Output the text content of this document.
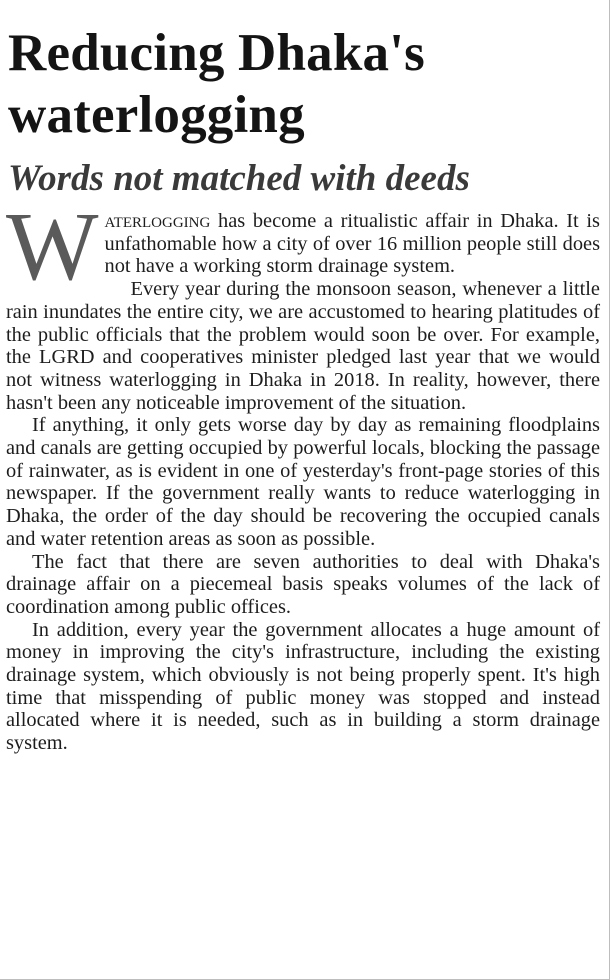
Reducing Dhaka's waterlogging
Words not matched with deeds

Waterlogging has become a ritualistic affair in Dhaka. It is unfathomable how a city of over 16 million people still does not have a working storm drainage system.

Every year during the monsoon season, whenever a little rain inundates the entire city, we are accustomed to hearing platitudes of the public officials that the problem would soon be over. For example, the LGRD and cooperatives minister pledged last year that we would not witness waterlogging in Dhaka in 2018. In reality, however, there hasn't been any noticeable improvement of the situation.

If anything, it only gets worse day by day as remaining floodplains and canals are getting occupied by powerful locals, blocking the passage of rainwater, as is evident in one of yesterday's front-page stories of this newspaper. If the government really wants to reduce waterlogging in Dhaka, the order of the day should be recovering the occupied canals and water retention areas as soon as possible.

The fact that there are seven authorities to deal with Dhaka's drainage affair on a piecemeal basis speaks volumes of the lack of coordination among public offices.

In addition, every year the government allocates a huge amount of money in improving the city's infrastructure, including the existing drainage system, which obviously is not being properly spent. It's high time that misspending of public money was stopped and instead allocated where it is needed, such as in building a storm drainage system.
